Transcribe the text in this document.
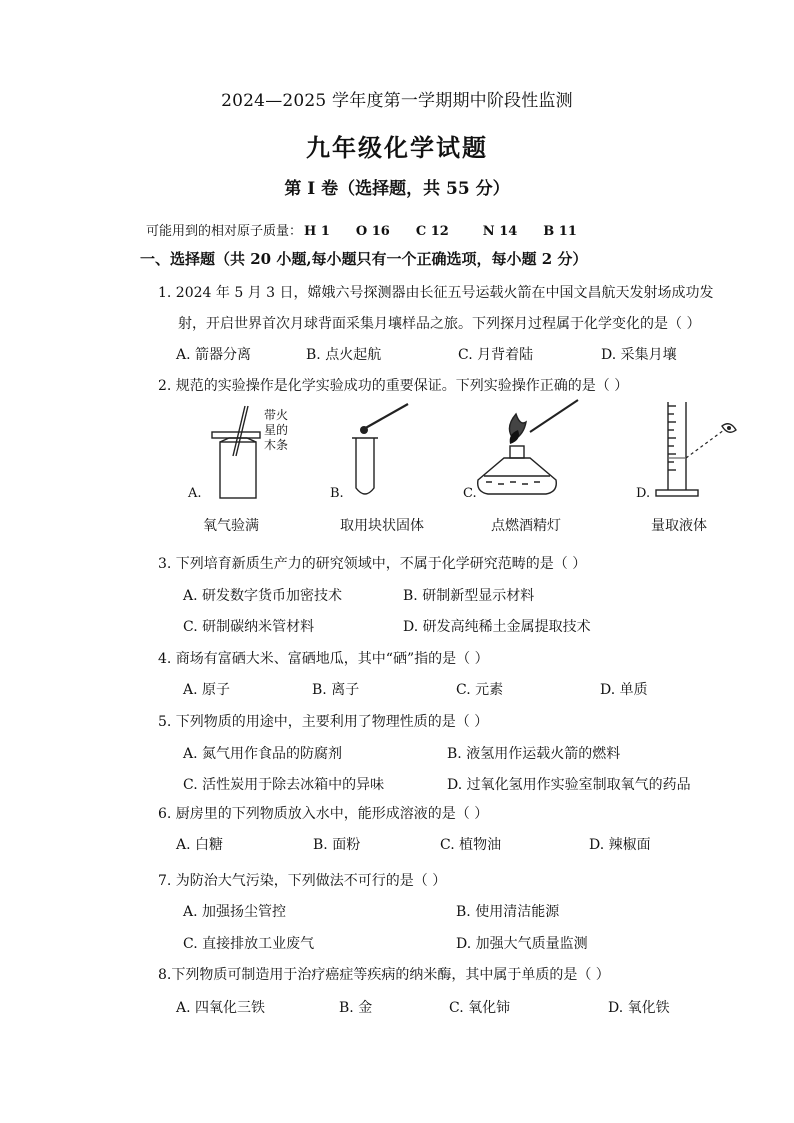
2024—2025 学年度第一学期期中阶段性监测
九年级化学试题
第 I 卷（选择题，共 55 分）
可能用到的相对原子质量： H 1 O 16 C 12	N 14 B 11
一、选择题（共 20 小题,每小题只有一个正确选项，每小题 2 分）
1. 2024 年 5 月 3 日，嫦娥六号探测器由长征五号运载火箭在中国文昌航天发射场成功发
射，开启世界首次月球背面采集月壤样品之旅。下列探月过程属于化学变化的是（ ）
A. 箭器分离	B. 点火起航	C. 月背着陆	D. 采集月壤
2. 规范的实验操作是化学实验成功的重要保证。下列实验操作正确的是（ ）
A.
带火
星的
木条
氧气验满
B.
取用块状固体
C.
点燃酒精灯
D.
量取液体
3. 下列培育新质生产力的研究领域中，不属于化学研究范畴的是（ ）
A. 研发数字货币加密技术	B. 研制新型显示材料
C. 研制碳纳米管材料	D. 研发高纯稀土金属提取技术
4. 商场有富硒大米、富硒地瓜，其中“硒”指的是（ ）
A. 原子	B. 离子	C. 元素	D. 单质
5. 下列物质的用途中，主要利用了物理性质的是（ ）
A. 氮气用作食品的防腐剂	B. 液氢用作运载火箭的燃料
C. 活性炭用于除去冰箱中的异味	D. 过氧化氢用作实验室制取氧气的药品
6. 厨房里的下列物质放入水中，能形成溶液的是（ ）
A. 白糖	B. 面粉	C. 植物油	D. 辣椒面
7. 为防治大气污染，下列做法不可行的是（ ）
A. 加强扬尘管控	B. 使用清洁能源
C. 直接排放工业废气	D. 加强大气质量监测
8.下列物质可制造用于治疗癌症等疾病的纳米酶，其中属于单质的是（ ）
A. 四氧化三铁	B. 金	C. 氧化铈	D. 氧化铁
